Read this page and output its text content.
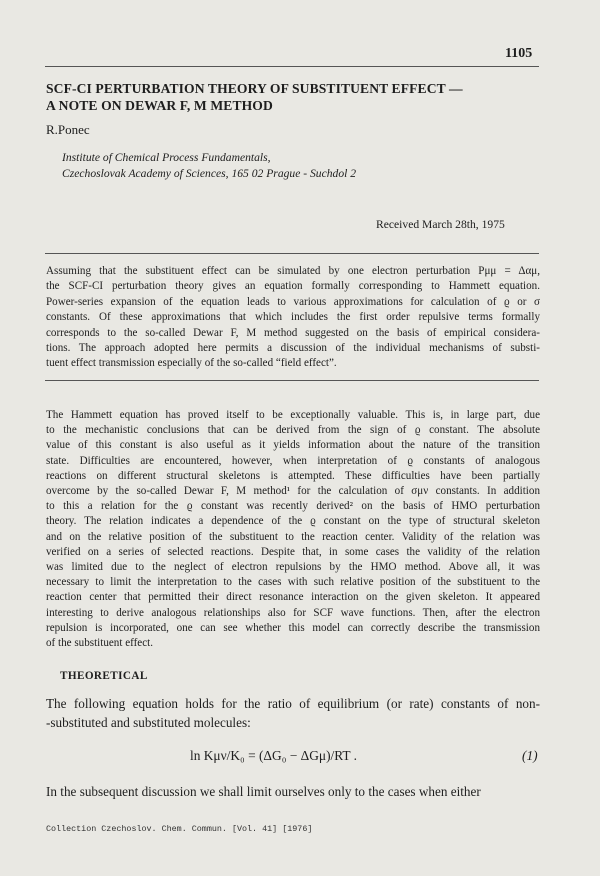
1105
SCF-CI PERTURBATION THEORY OF SUBSTITUENT EFFECT —
A NOTE ON DEWAR F, M METHOD
R.Ponec
Institute of Chemical Process Fundamentals,
Czechoslovak Academy of Sciences, 165 02 Prague - Suchdol 2
Received March 28th, 1975
Assuming that the substituent effect can be simulated by one electron perturbation Pμμ = Δαμ,
the SCF-CI perturbation theory gives an equation formally corresponding to Hammett equation.
Power-series expansion of the equation leads to various approximations for calculation of ϱ or σ
constants. Of these approximations that which includes the first order repulsive terms formally
corresponds to the so-called Dewar F, M method suggested on the basis of empirical considera-
tions. The approach adopted here permits a discussion of the individual mechanisms of substi-
tuent effect transmission especially of the so-called “field effect”.
The Hammett equation has proved itself to be exceptionally valuable. This is, in large part, due
to the mechanistic conclusions that can be derived from the sign of ϱ constant. The absolute
value of this constant is also useful as it yields information about the nature of the transition
state. Difficulties are encountered, however, when interpretation of ϱ constants of analogous
reactions on different structural skeletons is attempted. These difficulties have been partially
overcome by the so-called Dewar F, M method¹ for the calculation of σμν constants. In addition
to this a relation for the ϱ constant was recently derived² on the basis of HMO perturbation
theory. The relation indicates a dependence of the ϱ constant on the type of structural skeleton
and on the relative position of the substituent to the reaction center. Validity of the relation was
verified on a series of selected reactions. Despite that, in some cases the validity of the relation
was limited due to the neglect of electron repulsions by the HMO method. Above all, it was
necessary to limit the interpretation to the cases with such relative position of the substituent to the
reaction center that permitted their direct resonance interaction on the given skeleton. It appeared
interesting to derive analogous relationships also for SCF wave functions. Then, after the electron
repulsion is incorporated, one can see whether this model can correctly describe the transmission
of the substituent effect.
THEORETICAL
The following equation holds for the ratio of equilibrium (or rate) constants of non-
-substituted and substituted molecules:
ln Kμν/K₀ = (ΔG₀ − ΔGμ)/RT .	(1)
In the subsequent discussion we shall limit ourselves only to the cases when either
Collection Czechoslov. Chem. Commun. [Vol. 41] [1976]
